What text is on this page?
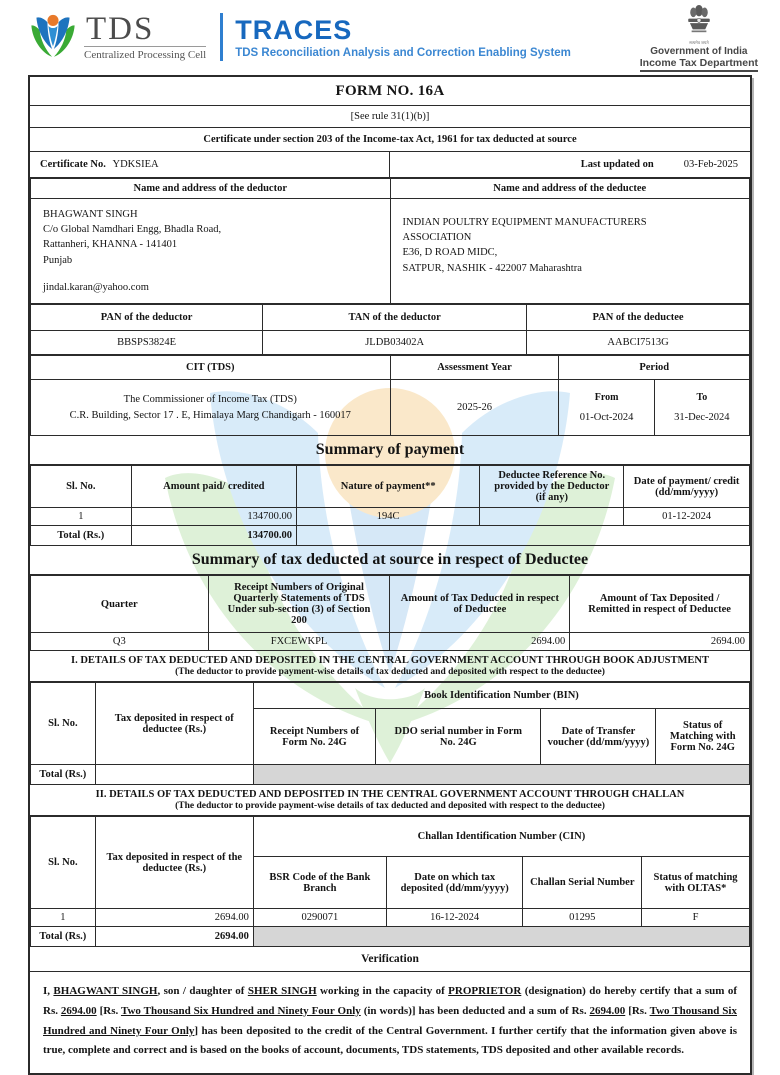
TDS
Centralized Processing Cell
TRACES
TDS Reconciliation Analysis and Correction Enabling System
सत्यमेव जयते
Government of India
Income Tax Department
FORM NO. 16A
[See rule 31(1)(b)]
Certificate under section 203 of the Income-tax Act, 1961 for tax deducted at source
Certificate No. YDKSIEA	Last updated on	03-Feb-2025
Name and address of the deductor	Name and address of the deductee

BHAGWANT SINGH
C/o Global Namdhari Engg, Bhadla Road,
Rattanheri, KHANNA - 141401
Punjab
jindal.karan@yahoo.com

INDIAN POULTRY EQUIPMENT MANUFACTURERS
ASSOCIATION
E36, D ROAD MIDC,
SATPUR, NASHIK - 422007 Maharashtra
PAN of the deductor	TAN of the deductor	PAN of the deductee
BBSPS3824E	JLDB03402A	AABCI7513G
CIT (TDS)	Assessment Year	Period	

The Commissioner of Income Tax (TDS)
C.R. Building, Sector 17 . E, Himalaya Marg Chandigarh - 160017
	2025-26	
From
01-Oct-2024

To
31-Dec-2024
Summary of payment
Sl. No.	Amount paid/ credited	Nature of payment**	Deductee Reference No. provided by the Deductor (if any)	Date of payment/ credit (dd/mm/yyyy)
1	134700.00	194C		01-12-2024
Total (Rs.)	134700.00			
Summary of tax deducted at source in respect of Deductee
Quarter	Receipt Numbers of Original Quarterly Statements of TDS Under sub-section (3) of Section 200	Amount of Tax Deducted in respect of Deductee	Amount of Tax Deposited / Remitted in respect of Deductee
Q3	FXCEWKPL	2694.00	2694.00
I. DETAILS OF TAX DEDUCTED AND DEPOSITED IN THE CENTRAL GOVERNMENT ACCOUNT THROUGH BOOK ADJUSTMENT
(The deductor to provide payment-wise details of tax deducted and deposited with respect to the deductee)
Sl. No.	Tax deposited in respect of deductee (Rs.)	Book Identification Number (BIN)			
		Receipt Numbers of Form No. 24G	DDO serial number in Form No. 24G	Date of Transfer voucher (dd/mm/yyyy)	Status of Matching with Form No. 24G
Total (Rs.)					
II. DETAILS OF TAX DEDUCTED AND DEPOSITED IN THE CENTRAL GOVERNMENT ACCOUNT THROUGH CHALLAN
(The deductor to provide payment-wise details of tax deducted and deposited with respect to the deductee)
Sl. No.	Tax deposited in respect of the deductee (Rs.)	Challan Identification Number (CIN)			
		BSR Code of the Bank Branch	Date on which tax deposited (dd/mm/yyyy)	Challan Serial Number	Status of matching with OLTAS*
1	2694.00	0290071	16-12-2024	01295	F
Total (Rs.)	2694.00				
Verification
I, BHAGWANT SINGH, son / daughter of SHER SINGH working in the capacity of PROPRIETOR (designation) do hereby certify that a sum of Rs. 2694.00 [Rs. Two Thousand Six Hundred and Ninety Four Only (in words)] has been deducted and a sum of Rs. 2694.00 [Rs. Two Thousand Six Hundred and Ninety Four Only] has been deposited to the credit of the Central Government. I further certify that the information given above is true, complete and correct and is based on the books of account, documents, TDS statements, TDS deposited and other available records.
